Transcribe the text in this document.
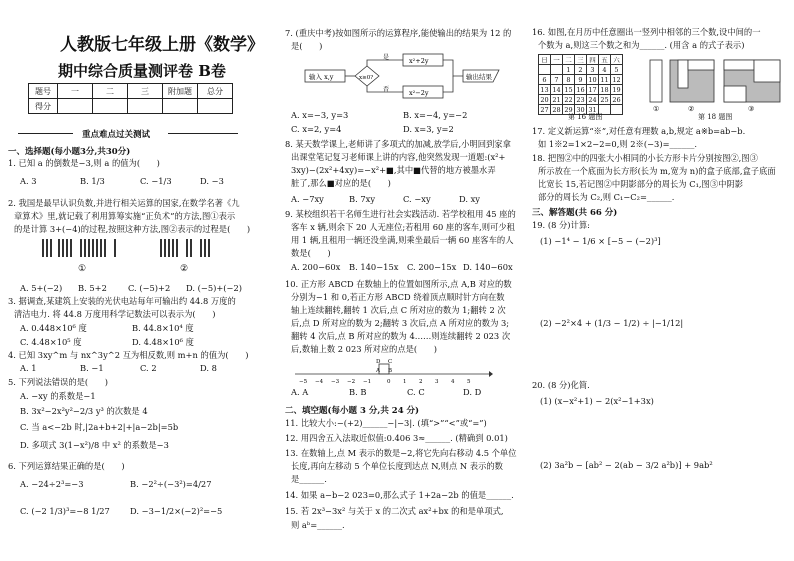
人教版七年级上册《数学》
期中综合质量测评卷 B卷
题号	一	二	三	附加题	总分
得分					
重点难点过关测试
一、选择题(每小题3分,共30分)
1. 已知 a 的倒数是−3,则 a 的值为(　　)
A. 3	B. 1/3	C. −1/3	D. −3
2. 我国是最早认识负数,并进行相关运算的国家,在数学名著《九
章算术》里,就记载了利用算筹实施“正负术”的方法,图①表示
的是计算 3+(−4)的过程,按照这种方法,图②表示的过程是(　　)
①	②
A. 5+(−2) B. 5+2	C. (−5)+2 D. (−5)+(−2)
3. 据调查,某建筑上安装的光伏电站每年可输出约 44.8 万度的
清洁电力. 将 44.8 万度用科学记数法可以表示为(　　)
A. 0.448×10⁶ 度	B. 44.8×10⁴ 度
C. 4.48×10⁵ 度	D. 4.48×10⁶ 度
4. 已知 3xy^m 与 nx^3y^2 互为相反数,则 m+n 的值为(　　)
A. 1	B. −1	C. 2	D. 8
5. 下列说法错误的是(　　)
A. −xy 的系数是−1
B. 3x²−2x²y²−2/3 y³ 的次数是 4
C. 当 a<−2b 时,|2a+b+2|+|a−2b|=5b
D. 多项式 3(1−x²)/8 中 x² 的系数是−3
6. 下列运算结果正确的是(　　)
A. −24÷2³=−3	B. −2²÷(−3²)=4/27
C. (−2 1/3)³=−8 1/27 D. −3−1/2×(−2)²=−5
7. (重庆中考)按如图所示的运算程序,能使输出的结果为 12 的
是(　　)
输入 x,y	x≥0?
是
否
x²+2y
x²−2y
输出结果
A. x=−3, y=3	B. x=−4, y=−2
C. x=2, y=4	D. x=3, y=2
8. 某天数学课上,老师讲了多项式的加减,放学后,小明回到家拿
出课堂笔记复习老师课上讲的内容,他突然发现一道题:(x²+
3xy)−(2x²+4xy)=−x²+■,其中■代替的地方被墨水弄
脏了,那么■对应的是(　　)
A. −7xy	B. 7xy	C. −xy	D. xy
9. 某校组织若干名师生进行社会实践活动. 若学校租用 45 座的
客车 x 辆,则余下 20 人无座位;若租用 60 座的客车,则可少租
用 1 辆,且租用一辆还没坐满,则乘坐最后一辆 60 座客车的人
数是(　　)
A. 200−60x B. 140−15x C. 200−15x D. 140−60x
10. 正方形 ABCD 在数轴上的位置如图所示,点 A,B 对应的数
分别为−1 和 0,若正方形 ABCD 绕着顶点顺时针方向在数
轴上连续翻转,翻转 1 次后,点 C 所对应的数为 1;翻转 2 次
后,点 D 所对应的数为 2;翻转 3 次后,点 A 所对应的数为 3;
翻转 4 次后,点 B 所对应的数为 4……则连续翻转 2 023 次
后,数轴上数 2 023 所对应的点是(　　)
D C
A B
−5 −4 −3 −2 −1	0 1 2 3 4 5
A. A	B. B	C. C	D. D
二、填空题(每小题 3 分,共 24 分)
11. 比较大小:−(+2)______−|−3|. (填“>”“<”或“=”)
12. 用四舍五入法取近似值:0.406 3≈______. (精确到 0.01)
13. 在数轴上,点 M 表示的数是−2,将它先向右移动 4.5 个单位
长度,再向左移动 5 个单位长度到达点 N,则点 N 表示的数
是______.
14. 如果 a−b−2 023=0,那么式子 1+2a−2b 的值是______.
15. 若 2x³−3x² 与关于 x 的二次式 ax²+bx 的和是单项式,
则 aᵇ=______.
16. 如图,在月历中任意圈出一竖列中相邻的三个数,设中间的一
个数为 a,则这三个数之和为______. (用含 a 的式子表示)
日	一	二	三	四	五	六
		1	2	3	4	5
6	7	8	9	10	11	12
13	14	15	16	17	18	19
20	21	22	23	24	25	26
27	28	29	30	31			①	②	③
第 16 题图	第 18 题图
17. 定义新运算“※”,对任意有理数 a,b,规定 a※b=ab−b.
如 1※2=1×2−2=0,则 2※(−3)=______.
18. 把图②中的四张大小相同的小长方形卡片分别按图②,图③
所示放在一个底面为长方形(长为 m,宽为 n)的盒子底部,盒子底面
比宽长 15,若记图②中阴影部分的周长为 C₁,图③中阴影
部分的周长为 C₂,则 C₁−C₂=______.
三、解答题(共 66 分)
19. (8 分)计算:
(1) −1⁴ − 1/6 × [−5 − (−2)³]
(2) −2²×4 + (1/3 − 1/2) ÷ |−1/12|
20. (8 分)化简.
(1) (x−x²+1) − 2(x²−1+3x)
(2) 3a²b − [ab² − 2(ab − 3/2 a²b)] + 9ab²
